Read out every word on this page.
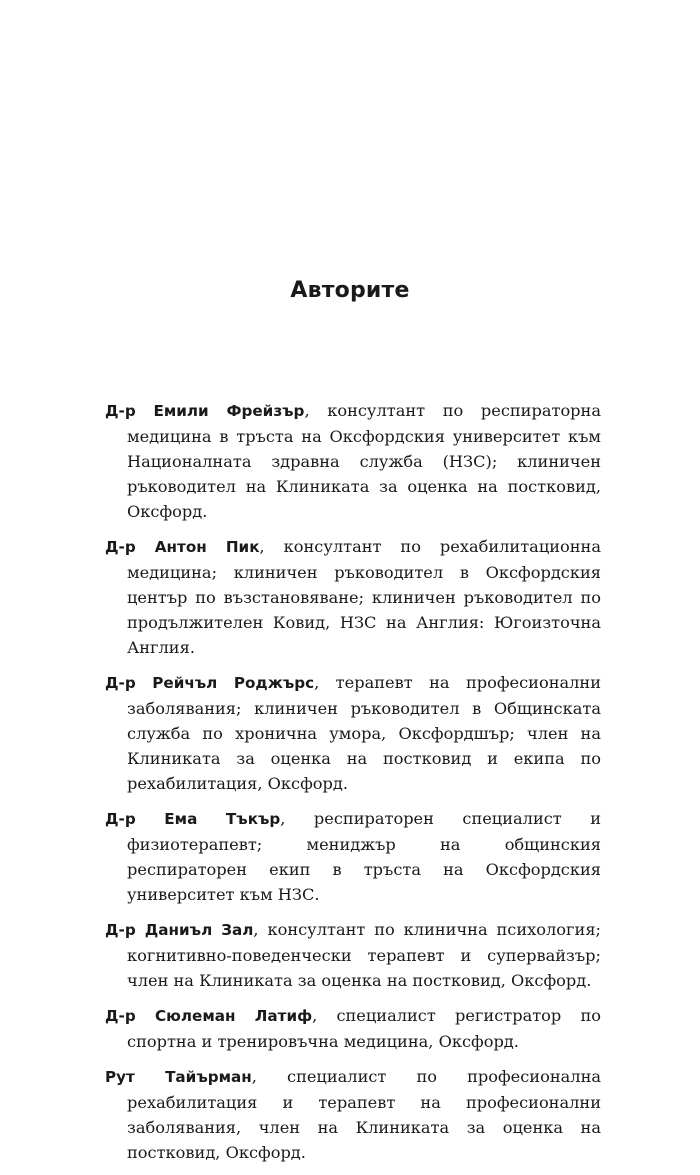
Авторите

Д-р Емили Фрейзър, консултант по респираторна медицина в тръста на Оксфордския университет към Националната здравна служба (НЗС); клиничен ръководител на Клиниката за оценка на постковид, Оксфорд.

Д-р Антон Пик, консултант по рехабилитационна медицина; клиничен ръководител в Оксфордския център по възстановяване; клиничен ръководител по продължителен Ковид, НЗС на Англия: Югоизточна Англия.

Д-р Рейчъл Роджърс, терапевт на професионални заболявания; клиничен ръководител в Общинската служба по хронична умора, Оксфордшър; член на Клиниката за оценка на постковид и екипа по рехабилитация, Оксфорд.

Д-р Ема Тъкър, респираторен специалист и физиотерапевт; мениджър на общинския респираторен екип в тръста на Оксфордския университет към НЗС.

Д-р Даниъл Зал, консултант по клинична психология; когнитивно-поведенчески терапевт и супервайзър; член на Клиниката за оценка на постковид, Оксфорд.

Д-р Сюлеман Латиф, специалист регистратор по спортна и тренировъчна медицина, Оксфорд.

Рут Тайърман, специалист по професионална рехабилитация и терапевт на професионални заболявания, член на Клиниката за оценка на постковид, Оксфорд.
